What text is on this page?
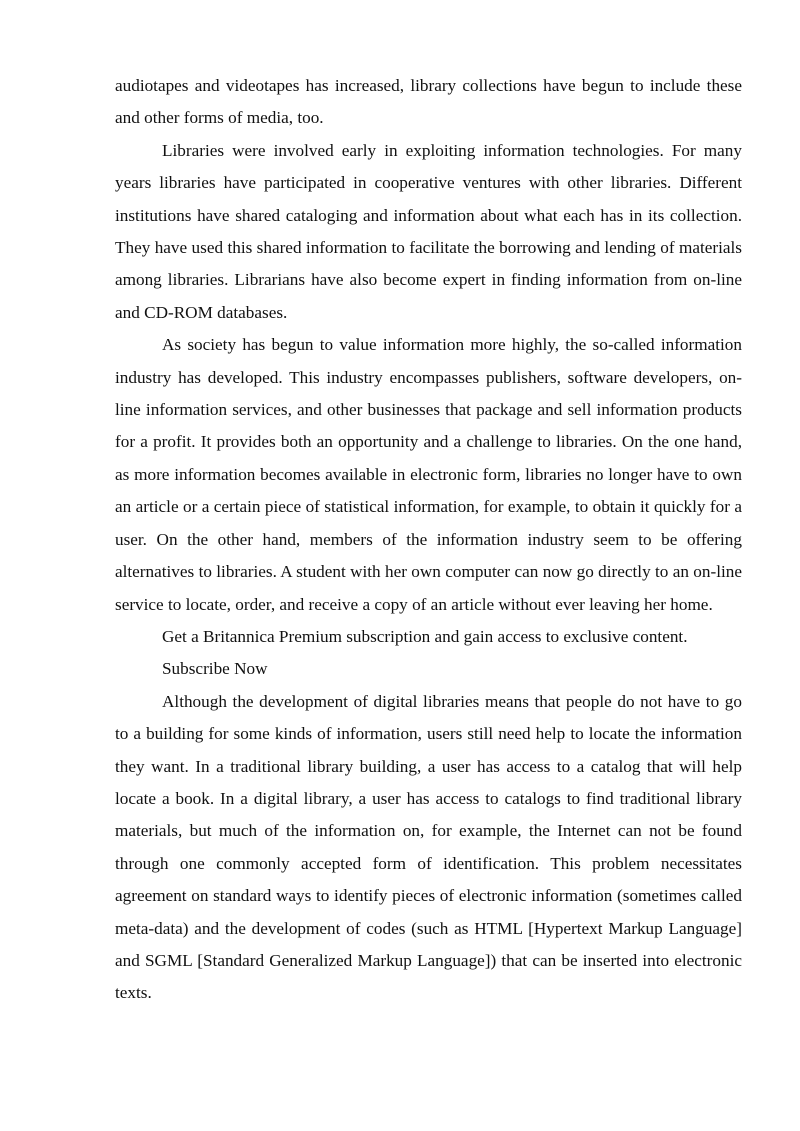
audiotapes and videotapes has increased, library collections have begun to include these and other forms of media, too.

Libraries were involved early in exploiting information technologies. For many years libraries have participated in cooperative ventures with other libraries. Different institutions have shared cataloging and information about what each has in its collection. They have used this shared information to facilitate the borrowing and lending of materials among libraries. Librarians have also become expert in finding information from on-line and CD-ROM databases.

As society has begun to value information more highly, the so-called information industry has developed. This industry encompasses publishers, software developers, on-line information services, and other businesses that package and sell information products for a profit. It provides both an opportunity and a challenge to libraries. On the one hand, as more information becomes available in electronic form, libraries no longer have to own an article or a certain piece of statistical information, for example, to obtain it quickly for a user. On the other hand, members of the information industry seem to be offering alternatives to libraries. A student with her own computer can now go directly to an on-line service to locate, order, and receive a copy of an article without ever leaving her home.

Get a Britannica Premium subscription and gain access to exclusive content.

Subscribe Now

Although the development of digital libraries means that people do not have to go to a building for some kinds of information, users still need help to locate the information they want. In a traditional library building, a user has access to a catalog that will help locate a book. In a digital library, a user has access to catalogs to find traditional library materials, but much of the information on, for example, the Internet can not be found through one commonly accepted form of identification. This problem necessitates agreement on standard ways to identify pieces of electronic information (sometimes called meta-data) and the development of codes (such as HTML [Hypertext Markup Language] and SGML [Standard Generalized Markup Language]) that can be inserted into electronic texts.
